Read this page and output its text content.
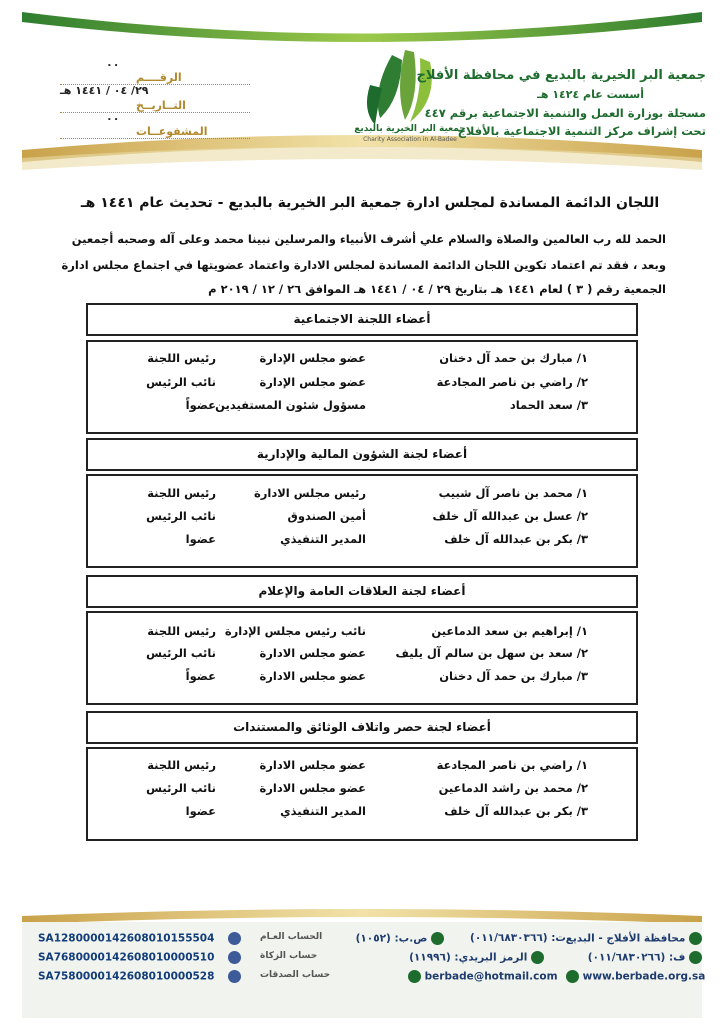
جمعية البر الخيرية بالبديع
Charity Association in Al-Badee
جمعية البر الخيرية بالبديع في محافظة الأفلاج
أسست عام ١٤٢٤ هـ
مسجلة بوزارة العمل والتنمية الاجتماعية برقم ٤٤٧
تحت إشراف مركز التنمية الاجتماعية بالأفلاج
الرقــــم
٠٠
التــاريــخ
٢٩/ ٠٤ / ١٤٤١ هـ
المشفوعــات
٠٠
اللجان الدائمة المساندة لمجلس ادارة جمعية البر الخيرية بالبديع - تحديث عام ١٤٤١ هـ
الحمد لله رب العالمين والصلاة والسلام علي أشرف الأنبياء والمرسلين نبينا محمد وعلى آله وصحبه أجمعين
وبعد ، فقد تم اعتماد تكوين اللجان الدائمة المساندة لمجلس الادارة واعتماد عضويتها في اجتماع مجلس ادارة
الجمعية رقم ( ٣ ) لعام ١٤٤١ هـ بتاريخ ٢٩ / ٠٤ / ١٤٤١ هـ الموافق ٢٦ / ١٢ / ٢٠١٩ م
أعضاء اللجنة الاجتماعية
١/ مبارك بن حمد آل دخنان
عضو مجلس الإدارة
رئيس اللجنة
٢/ راضي بن ناصر المجادعة
عضو مجلس الإدارة
نائب الرئيس
٣/ سعد الحماد
مسؤول شئون المستفيدين
عضواً
أعضاء لجنة الشؤون المالية والإدارية
١/ محمد بن ناصر آل شبيب
رئيس مجلس الادارة
رئيس اللجنة
٢/ عسل بن عبدالله آل خلف
أمين الصندوق
نائب الرئيس
٣/ بكر بن عبدالله آل خلف
المدير التنفيذي
عضوا
أعضاء لجنة العلاقات العامة والإعلام
١/ إبراهيم بن سعد الدماعين
نائب رئيس مجلس الإدارة
رئيس اللجنة
٢/ سعد بن سهل بن سالم آل يليف
عضو مجلس الادارة
نائب الرئيس
٣/ مبارك بن حمد آل دخنان
عضو مجلس الادارة
عضواً
أعضاء لجنة حصر واتلاف الوثائق والمستندات
١/ راضي بن ناصر المجادعة
عضو مجلس الادارة
رئيس اللجنة
٢/ محمد بن راشد الدماعين
عضو مجلس الادارة
نائب الرئيس
٣/ بكر بن عبدالله آل خلف
المدير التنفيذي
عضوا
SA1280000142608010155504	الحساب العـام
SA7680000142608010000510	حساب الزكاة
SA7580000142608010000528	حساب الصدقات
محافظة الأفلاج - البديع
ت: (٠١١/٦٨٣٠٣٦٦)
ص.ب: (١٠٥٢)
ف: (٠١١/٦٨٣٠٢٦٦)
الرمز البريدي: (١١٩٩٦)
www.berbade.org.sa
berbade@hotmail.com
